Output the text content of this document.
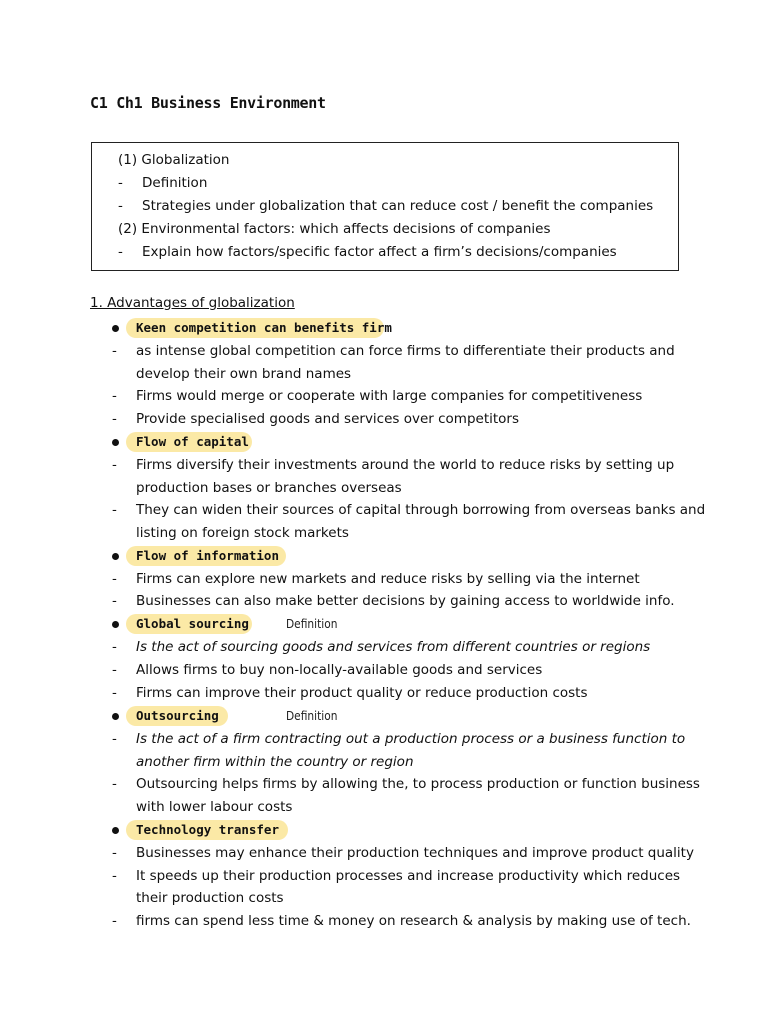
C1 Ch1 Business Environment
(1) Globalization
- Definition
- Strategies under globalization that can reduce cost / benefit the companies
(2) Environmental factors: which affects decisions of companies
- Explain how factors/specific factor affect a firm’s decisions/companies
1. Advantages of globalization
Keen competition can benefits firm
- as intense global competition can force firms to differentiate their products and
develop their own brand names
- Firms would merge or cooperate with large companies for competitiveness
- Provide specialised goods and services over competitors
Flow of capital
- Firms diversify their investments around the world to reduce risks by setting up
production bases or branches overseas
- They can widen their sources of capital through borrowing from overseas banks and
listing on foreign stock markets
Flow of information
- Firms can explore new markets and reduce risks by selling via the internet
- Businesses can also make better decisions by gaining access to worldwide info.
Global sourcing	Definition
- Is the act of sourcing goods and services from different countries or regions
- Allows firms to buy non-locally-available goods and services
- Firms can improve their product quality or reduce production costs
Outsourcing	Definition
- Is the act of a firm contracting out a production process or a business function to
another firm within the country or region
- Outsourcing helps firms by allowing the, to process production or function business
with lower labour costs
Technology transfer
- Businesses may enhance their production techniques and improve product quality
- It speeds up their production processes and increase productivity which reduces
their production costs
- firms can spend less time & money on research & analysis by making use of tech.
